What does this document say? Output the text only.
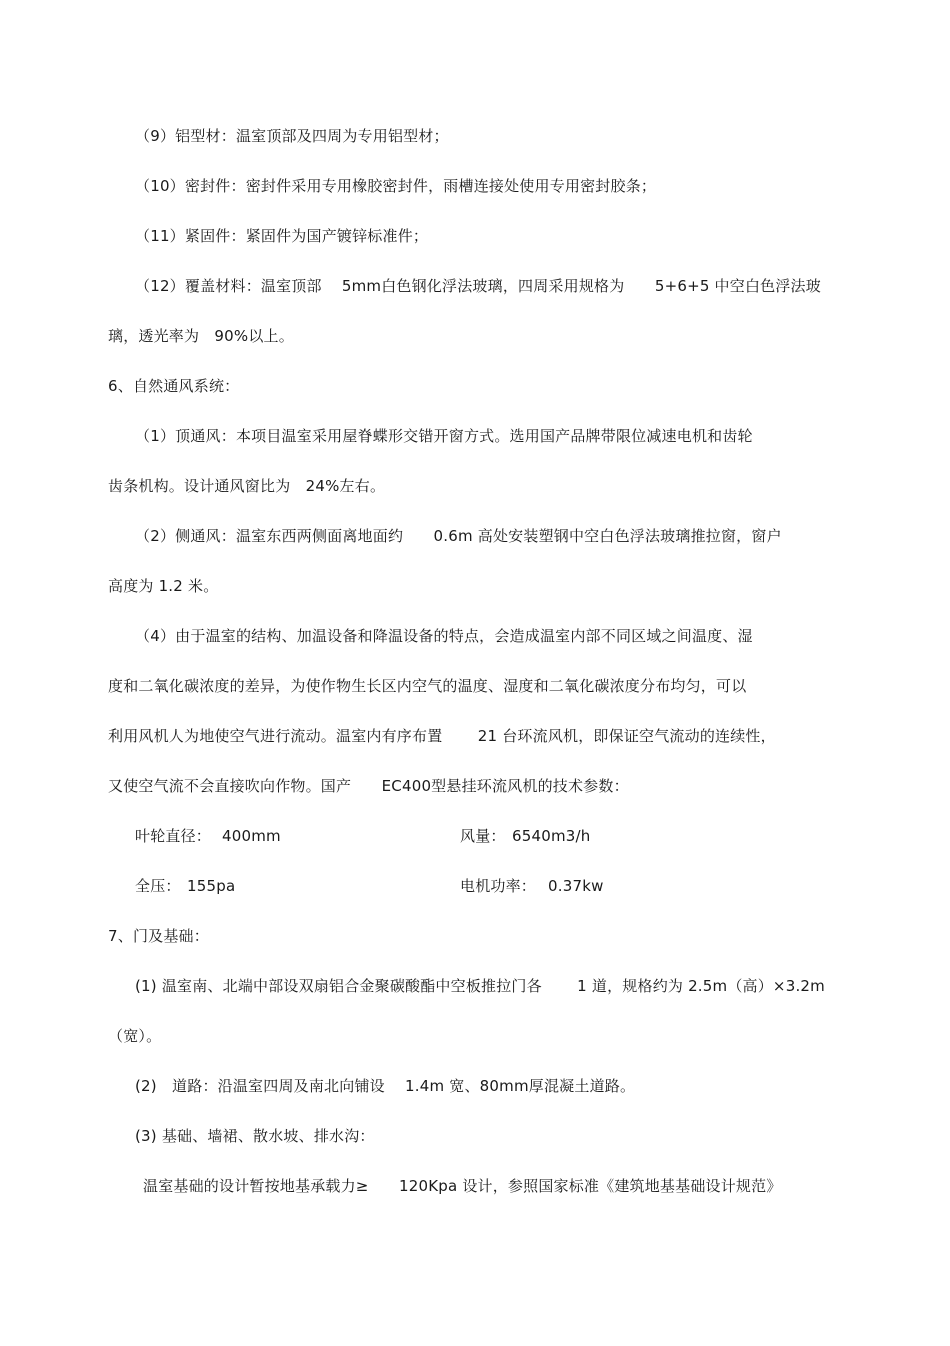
（9）铝型材：温室顶部及四周为专用铝型材；
（10）密封件：密封件采用专用橡胶密封件，雨槽连接处使用专用密封胶条；
（11）紧固件：紧固件为国产镀锌标准件；
（12）覆盖材料：温室顶部　 5mm白色钢化浮法玻璃，四周采用规格为　　5+6+5 中空白色浮法玻
璃，透光率为　90%以上。
6、自然通风系统：
（1）顶通风：本项目温室采用屋脊蝶形交错开窗方式。选用国产品牌带限位减速电机和齿轮
齿条机构。设计通风窗比为　24%左右。
（2）侧通风：温室东西两侧面离地面约　　0.6m 高处安装塑钢中空白色浮法玻璃推拉窗，窗户
高度为 1.2 米。
（4）由于温室的结构、加温设备和降温设备的特点，会造成温室内部不同区域之间温度、湿
度和二氧化碳浓度的差异，为使作物生长区内空气的温度、湿度和二氧化碳浓度分布均匀，可以
利用风机人为地使空气进行流动。温室内有序布置　　 21 台环流风机，即保证空气流动的连续性，
又使空气流不会直接吹向作物。国产　　EC400型悬挂环流风机的技术参数：
叶轮直径： 400mm	风量： 6540m3/h
全压： 155pa	电机功率： 0.37kw
7、门及基础：
(1) 温室南、北端中部设双扇铝合金聚碳酸酯中空板推拉门各　　 1 道，规格约为 2.5m（高）×3.2m
（宽）。
(2)　道路：沿温室四周及南北向铺设　 1.4m 宽、80mm厚混凝土道路。
(3) 基础、墙裙、散水坡、排水沟：
温室基础的设计暂按地基承载力≥　　120Kpa 设计，参照国家标准《建筑地基基础设计规范》
